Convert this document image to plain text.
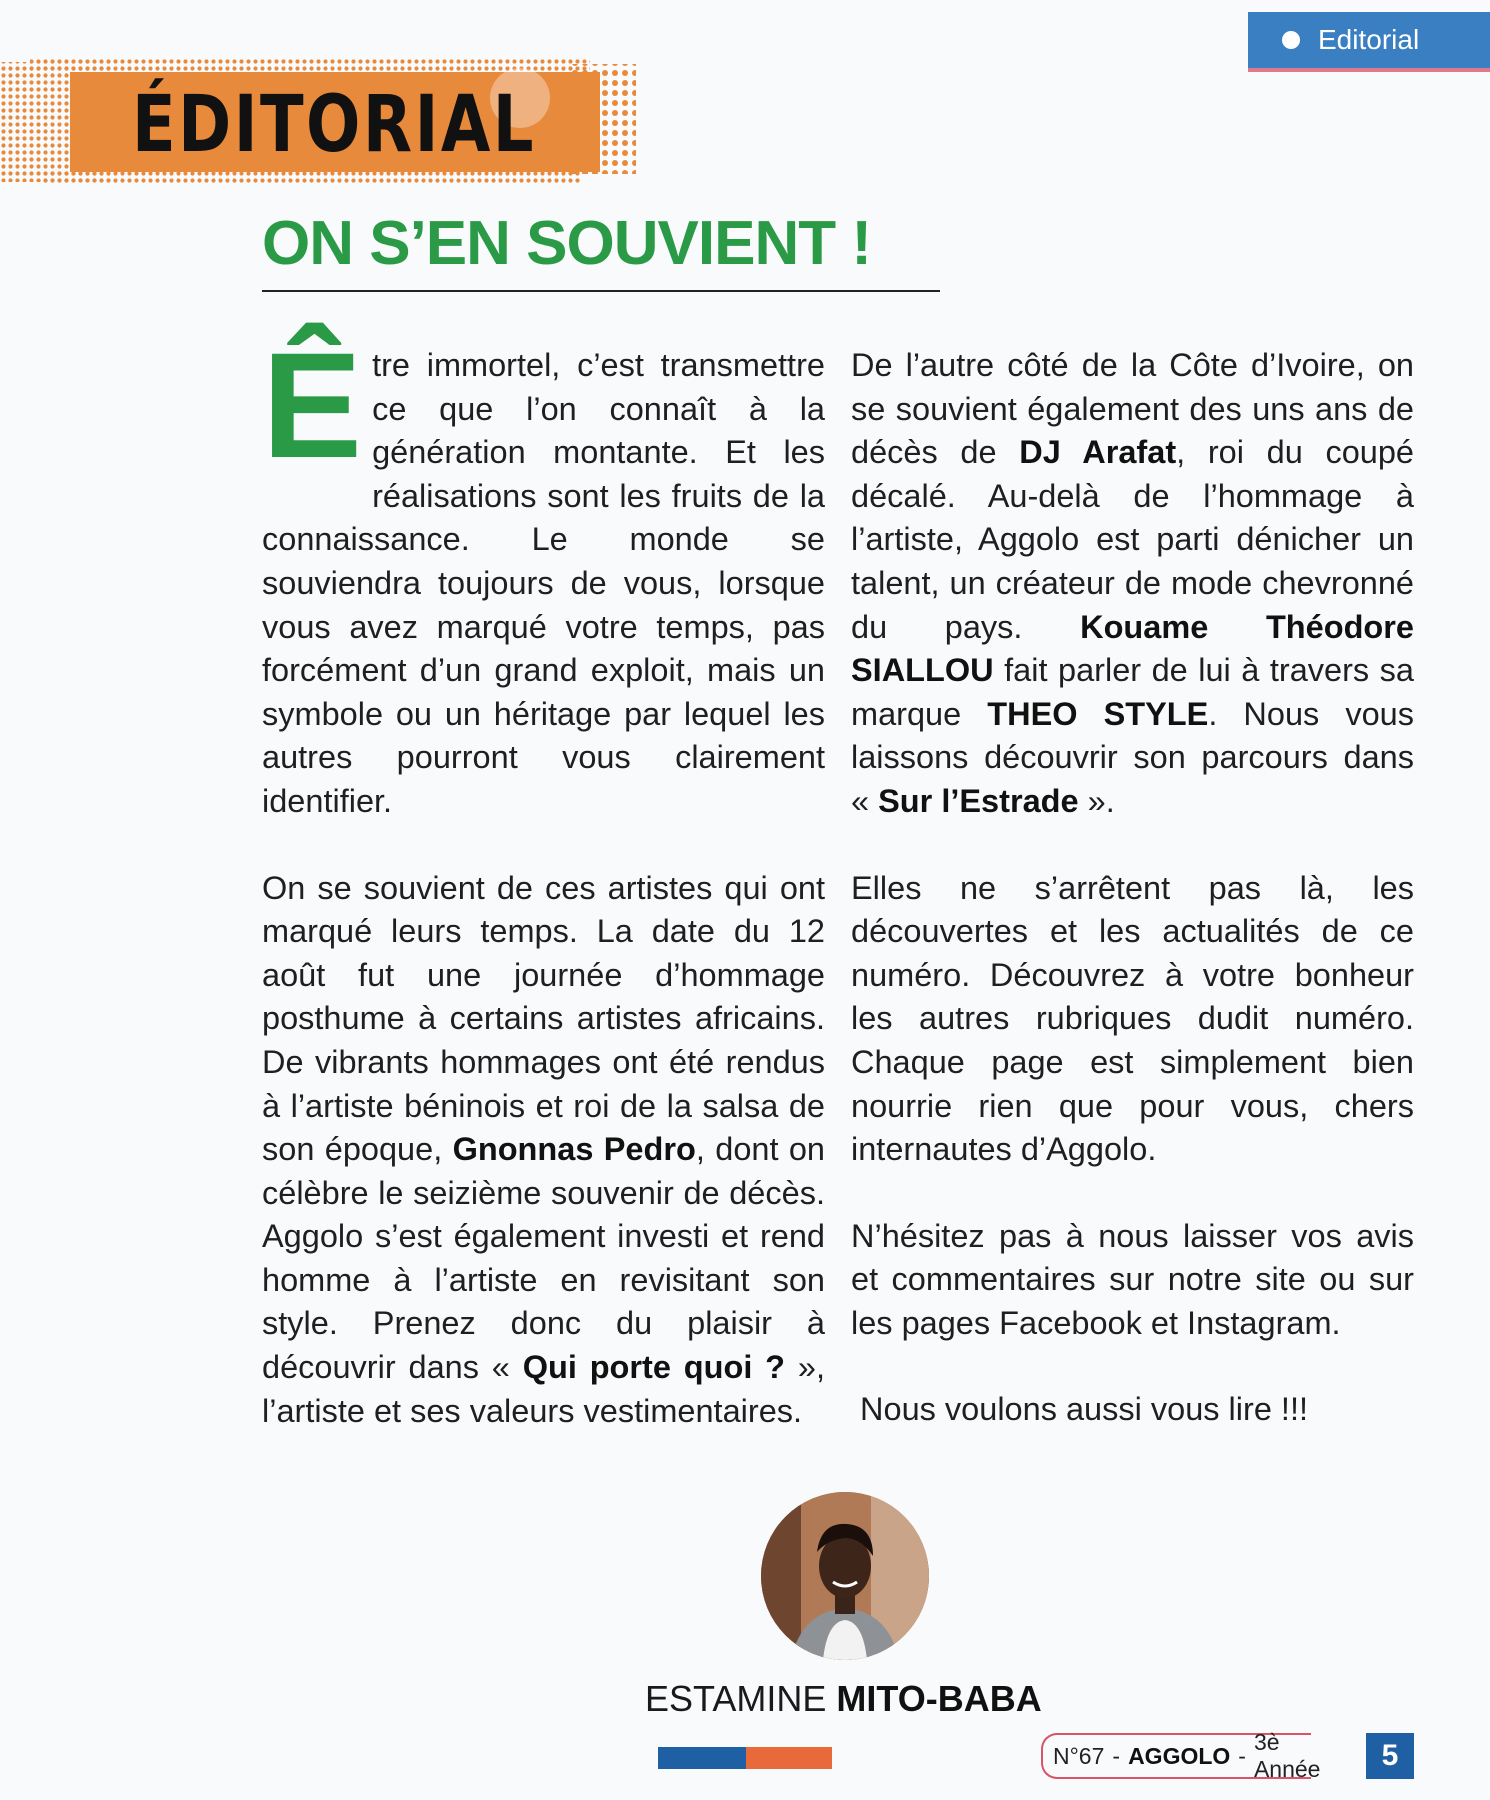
Editorial
ÉDITORIAL
ON S’EN SOUVIENT !

Être immortel, c’est transmettre ce que l’on connaît à la génération montante. Et les réalisations sont les fruits de la connaissance. Le monde se souviendra toujours de vous, lorsque vous avez marqué votre temps, pas forcément d’un grand exploit, mais un symbole ou un héritage par lequel les autres pourront vous clairement identifier.

On se souvient de ces artistes qui ont marqué leurs temps. La date du 12 août fut une journée d’hommage posthume à certains artistes africains. De vibrants hommages ont été rendus à l’artiste béninois et roi de la salsa de son époque, Gnonnas Pedro, dont on célèbre le seizième souvenir de décès. Aggolo s’est également investi et rend homme à l’artiste en revisitant son style. Prenez donc du plaisir à découvrir dans « Qui porte quoi ? », l’artiste et ses valeurs vestimentaires.

De l’autre côté de la Côte d’Ivoire, on se souvient également des uns ans de décès de DJ Arafat, roi du coupé décalé. Au-delà de l’hommage à l’artiste, Aggolo est parti dénicher un talent, un créateur de mode chevronné du pays. Kouame Théodore SIALLOU fait parler de lui à travers sa marque THEO STYLE. Nous vous laissons découvrir son parcours dans « Sur l’Estrade ».

Elles ne s’arrêtent pas là, les découvertes et les actualités de ce numéro. Découvrez à votre bonheur les autres rubriques dudit numéro. Chaque page est simplement bien nourrie rien que pour vous, chers internautes d’Aggolo.

N’hésitez pas à nous laisser vos avis et commentaires sur notre site ou sur les pages Facebook et Instagram.

Nous voulons aussi vous lire !!!

ESTAMINE MITO-BABA
N°67 - AGGOLO -
3è Année	5
